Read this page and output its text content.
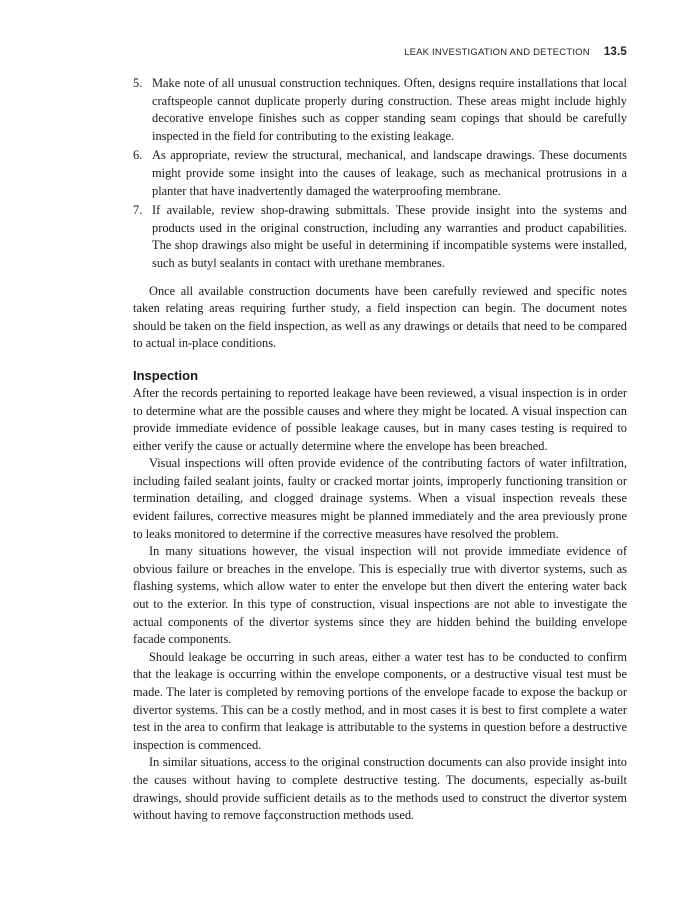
LEAK INVESTIGATION AND DETECTION 13.5
5. Make note of all unusual construction techniques. Often, designs require installations that local craftspeople cannot duplicate properly during construction. These areas might include highly decorative envelope finishes such as copper standing seam copings that should be carefully inspected in the field for contributing to the existing leakage.
6. As appropriate, review the structural, mechanical, and landscape drawings. These documents might provide some insight into the causes of leakage, such as mechanical protrusions in a planter that have inadvertently damaged the waterproofing membrane.
7. If available, review shop-drawing submittals. These provide insight into the systems and products used in the original construction, including any warranties and product capabilities. The shop drawings also might be useful in determining if incompatible systems were installed, such as butyl sealants in contact with urethane membranes.

Once all available construction documents have been carefully reviewed and specific notes taken relating areas requiring further study, a field inspection can begin. The document notes should be taken on the field inspection, as well as any drawings or details that need to be compared to actual in-place conditions.

Inspection

After the records pertaining to reported leakage have been reviewed, a visual inspection is in order to determine what are the possible causes and where they might be located. A visual inspection can provide immediate evidence of possible leakage causes, but in many cases testing is required to either verify the cause or actually determine where the envelope has been breached.

Visual inspections will often provide evidence of the contributing factors of water infiltration, including failed sealant joints, faulty or cracked mortar joints, improperly functioning transition or termination detailing, and clogged drainage systems. When a visual inspection reveals these evident failures, corrective measures might be planned immediately and the area previously prone to leaks monitored to determine if the corrective measures have resolved the problem.

In many situations however, the visual inspection will not provide immediate evidence of obvious failure or breaches in the envelope. This is especially true with divertor systems, such as flashing systems, which allow water to enter the envelope but then divert the entering water back out to the exterior. In this type of construction, visual inspections are not able to investigate the actual components of the divertor systems since they are hidden behind the building envelope facade components.

Should leakage be occurring in such areas, either a water test has to be conducted to confirm that the leakage is occurring within the envelope components, or a destructive visual test must be made. The later is completed by removing portions of the envelope facade to expose the backup or divertor systems. This can be a costly method, and in most cases it is best to first complete a water test in the area to confirm that leakage is attributable to the systems in question before a destructive inspection is commenced.

In similar situations, access to the original construction documents can also provide insight into the causes without having to complete destructive testing. The documents, especially as-built drawings, should provide sufficient details as to the methods used to construct the divertor system without having to remove façconstruction methods used.
